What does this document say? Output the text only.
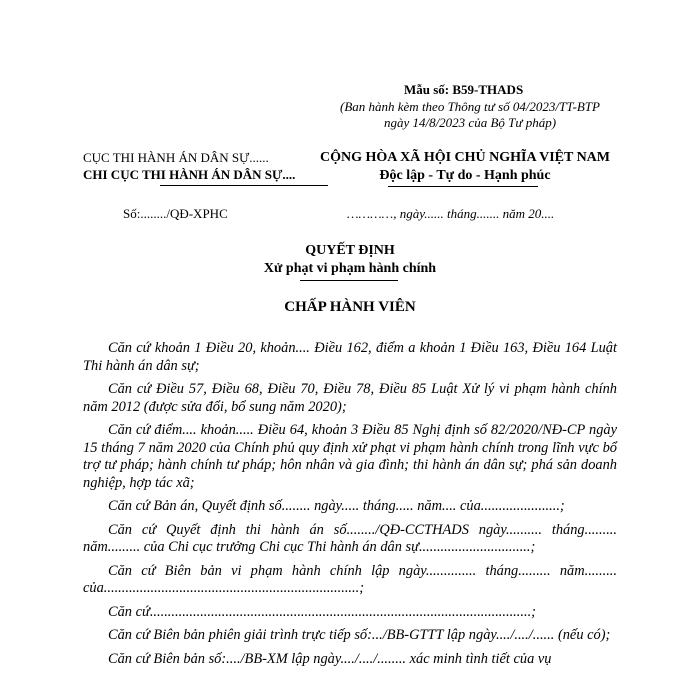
Mẫu số: B59-THADS
(Ban hành kèm theo Thông tư số 04/2023/TT-BTP
ngày 14/8/2023 của Bộ Tư pháp)
CỤC THI HÀNH ÁN DÂN SỰ......
CHI CỤC THI HÀNH ÁN DÂN SỰ....
CỘNG HÒA XÃ HỘI CHỦ NGHĨA VIỆT NAM
Độc lập - Tự do - Hạnh phúc
Số:......../QĐ-XPHC	…………, ngày...... tháng....... năm 20....
QUYẾT ĐỊNH
Xử phạt vi phạm hành chính
CHẤP HÀNH VIÊN

Căn cứ khoản 1 Điều 20, khoản.... Điều 162, điểm a khoản 1 Điều 163, Điều 164 Luật Thi hành án dân sự;

Căn cứ Điều 57, Điều 68, Điều 70, Điều 78, Điều 85 Luật Xử lý vi phạm hành chính năm 2012 (được sửa đổi, bổ sung năm 2020);

Căn cứ điểm.... khoản..... Điều 64, khoản 3 Điều 85 Nghị định số 82/2020/NĐ-CP ngày 15 tháng 7 năm 2020 của Chính phủ quy định xử phạt vi phạm hành chính trong lĩnh vực bổ trợ tư pháp; hành chính tư pháp; hôn nhân và gia đình; thi hành án dân sự; phá sản doanh nghiệp, hợp tác xã;

Căn cứ Bản án, Quyết định số........ ngày..... tháng..... năm.... của......................;

Căn cứ Quyết định thi hành án số......../QĐ-CCTHADS ngày.......... tháng......... năm......... của Chi cục trưởng Chi cục Thi hành án dân sự...............................;

Căn cứ Biên bản vi phạm hành chính lập ngày.............. tháng......... năm......... của.......................................................................;

Căn cứ..........................................................................................................;

Căn cứ Biên bản phiên giải trình trực tiếp số:.../BB-GTTT lập ngày..../..../...... (nếu có);

Căn cứ Biên bản số:..../BB-XM lập ngày..../..../........ xác minh tình tiết của vụ
